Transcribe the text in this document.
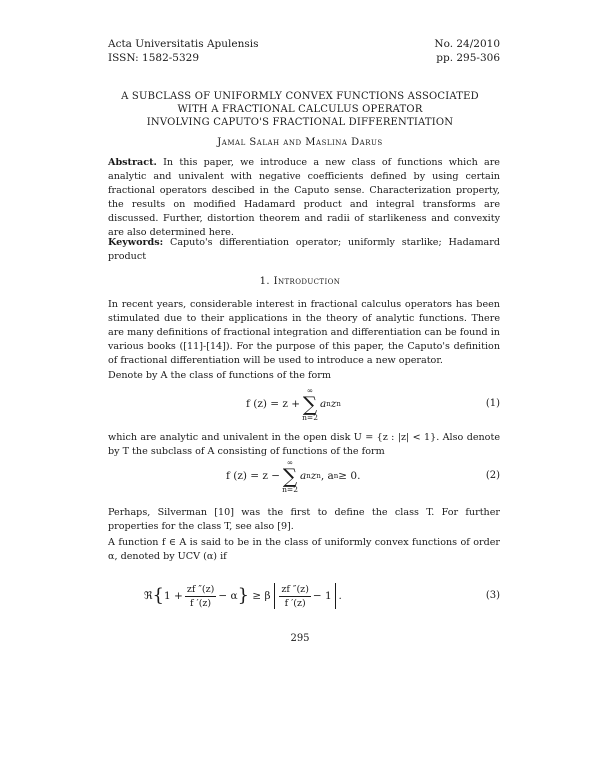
Acta Universitatis Apulensis
ISSN: 1582-5329
No. 24/2010
pp. 295-306
A SUBCLASS OF UNIFORMLY CONVEX FUNCTIONS ASSOCIATED
WITH A FRACTIONAL CALCULUS OPERATOR
INVOLVING CAPUTO'S FRACTIONAL DIFFERENTIATION
Jamal Salah and Maslina Darus
Abstract. In this paper, we introduce a new class of functions which are analytic and univalent with negative coefficients defined by using certain fractional operators descibed in the Caputo sense. Characterization property, the results on modified Hadamard product and integral transforms are discussed. Further, distortion theorem and radii of starlikeness and convexity are also determined here.
Keywords: Caputo's differentiation operator; uniformly starlike; Hadamard product
1. Introduction
In recent years, considerable interest in fractional calculus operators has been stimulated due to their applications in the theory of analytic functions. There are many definitions of fractional integration and differentiation can be found in various books ([11]-[14]). For the purpose of this paper, the Caputo's definition of fractional differentiation will be used to introduce a new operator.
Denote by A the class of functions of the form
f (z) = z +
∞
∑
n=2
a n z n	(1)
which are analytic and univalent in the open disk U = {z : |z| < 1}. Also denote by T the subclass of A consisting of functions of the form
f (z) = z −
∞
∑
n=2
a n z n , a n ≥ 0.	(2)
Perhaps, Silverman [10] was the first to define the class T. For further properties for the class T, see also [9].
A function f ∈ A is said to be in the class of uniformly convex functions of order α, denoted by UCV (α) if
ℜ { $1 + \frac{zf ''(z)}{f '(z)} - \alpha$ }
≥ β $\frac{zf ''(z)}{f '(z)} - 1$ .	(3)
295
